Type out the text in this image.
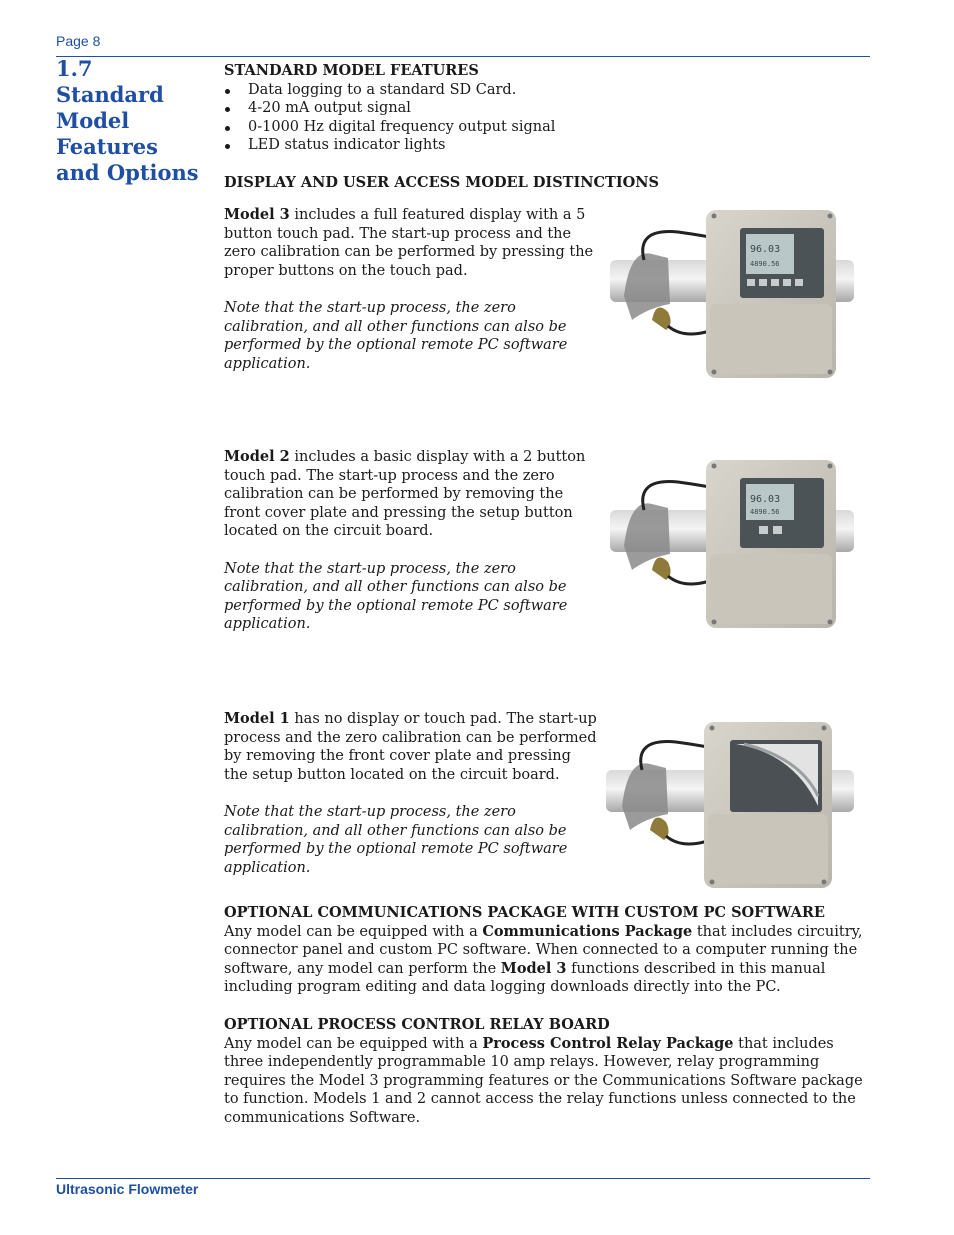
Page 8
1.7
Standard
Model
Features
and Options

STANDARD MODEL FEATURES

Data logging to a standard SD Card.
4-20 mA output signal
0-1000 Hz digital frequency output signal
LED status indicator lights

DISPLAY AND USER ACCESS MODEL DISTINCTIONS

Model 3 includes a full featured display with a 5 button touch pad. The start-up process and the zero calibration can be performed by pressing the proper buttons on the touch pad.

Note that the start-up process, the zero calibration, and all other functions can also be performed by the optional remote PC software application.

96.03
4890.56

Model 2 includes a basic display with a 2 button touch pad. The start-up process and the zero calibration can be performed by removing the front cover plate and pressing the setup button located on the circuit board.

Note that the start-up process, the zero calibration, and all other functions can also be performed by the optional remote PC software application.

96.03
4890.56

Model 1 has no display or touch pad. The start-up process and the zero calibration can be performed by removing the front cover plate and pressing the setup button located on the circuit board.

Note that the start-up process, the zero calibration, and all other functions can also be performed by the optional remote PC software application.

OPTIONAL COMMUNICATIONS PACKAGE WITH CUSTOM PC SOFTWARE

Any model can be equipped with a Communications Package that includes circuitry, connector panel and custom PC software. When connected to a computer running the software, any model can perform the Model 3 functions described in this manual including program editing and data logging downloads directly into the PC.

OPTIONAL PROCESS CONTROL RELAY BOARD

Any model can be equipped with a Process Control Relay Package that includes three independently programmable 10 amp relays. However, relay programming requires the Model 3 programming features or the Communications Software package to function. Models 1 and 2 cannot access the relay functions unless connected to the communications Software.

Ultrasonic Flowmeter
